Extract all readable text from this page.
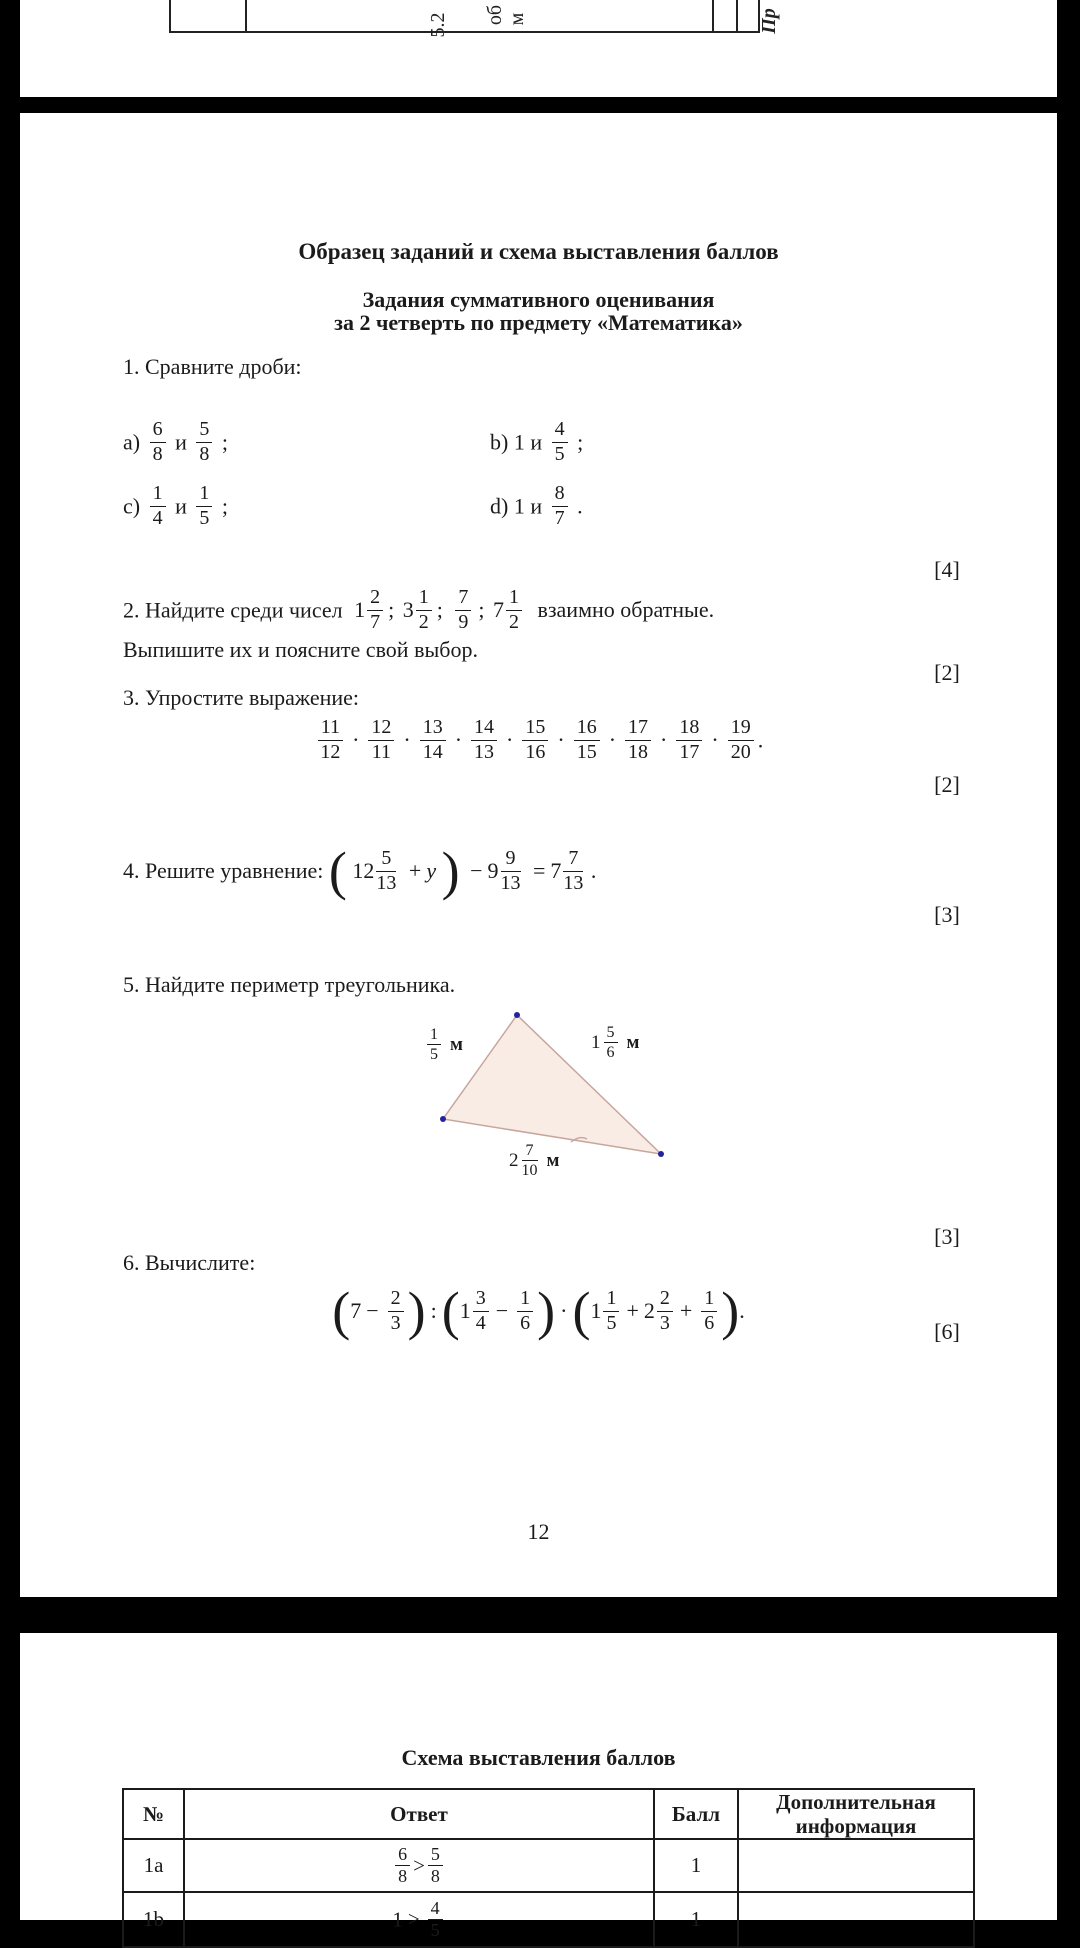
5.2	об м	Пр
Образец заданий и схема выставления баллов
Задания суммативного оценивания
за 2 четверть по предмету «Математика»
1. Сравните дроби:
$a) \frac{6}{8}$ и $\frac{5}{8}$ ;	b) 1 и $\frac{4}{5}$ ;
$c) \frac{1}{4}$ и $\frac{1}{5}$ ;	d) 1 и $\frac{8}{7}$ .
[4]
2. Найдите среди чисел $1 \frac{2}{7}$ ; $3 \frac{1}{2}$ ; $\frac{7}{9}$ ; $7 \frac{1}{2}$ взаимно обратные.
Выпишите их и поясните свой выбор.
[2]
3. Упростите выражение:
$\frac{11}{12} \cdot \frac{12}{11} \cdot \frac{13}{14} \cdot \frac{14}{13} \cdot \frac{15}{16} \cdot \frac{16}{15} \cdot \frac{17}{18} \cdot \frac{18}{17} \cdot \frac{19}{20}$ .
[2]
4. Решите уравнение: ( $12 \frac{5}{13} + y$ ) − $9 \frac{9}{13} = 7 \frac{7}{13}$ .
[3]
5. Найдите периметр треугольника.
$\frac{1}{5}$ м	$1 \frac{5}{6}$ м
$2 \frac{7}{10}$ м
[3]
6. Вычислите:
($7 - \frac{2}{3}$ ) :(1 $\frac{3}{4} - \frac{1}{6}$ ) $\cdot(1 \frac{1}{5} + 2 \frac{2}{3} + \frac{1}{6}$ ).
[6]
12
Схема выставления баллов
№	Ответ	Балл	Дополнительная информация
1a	$\frac{6}{8} > \frac{5}{8}$	1	
1b	$1 > \frac{4}{5}$	1	
